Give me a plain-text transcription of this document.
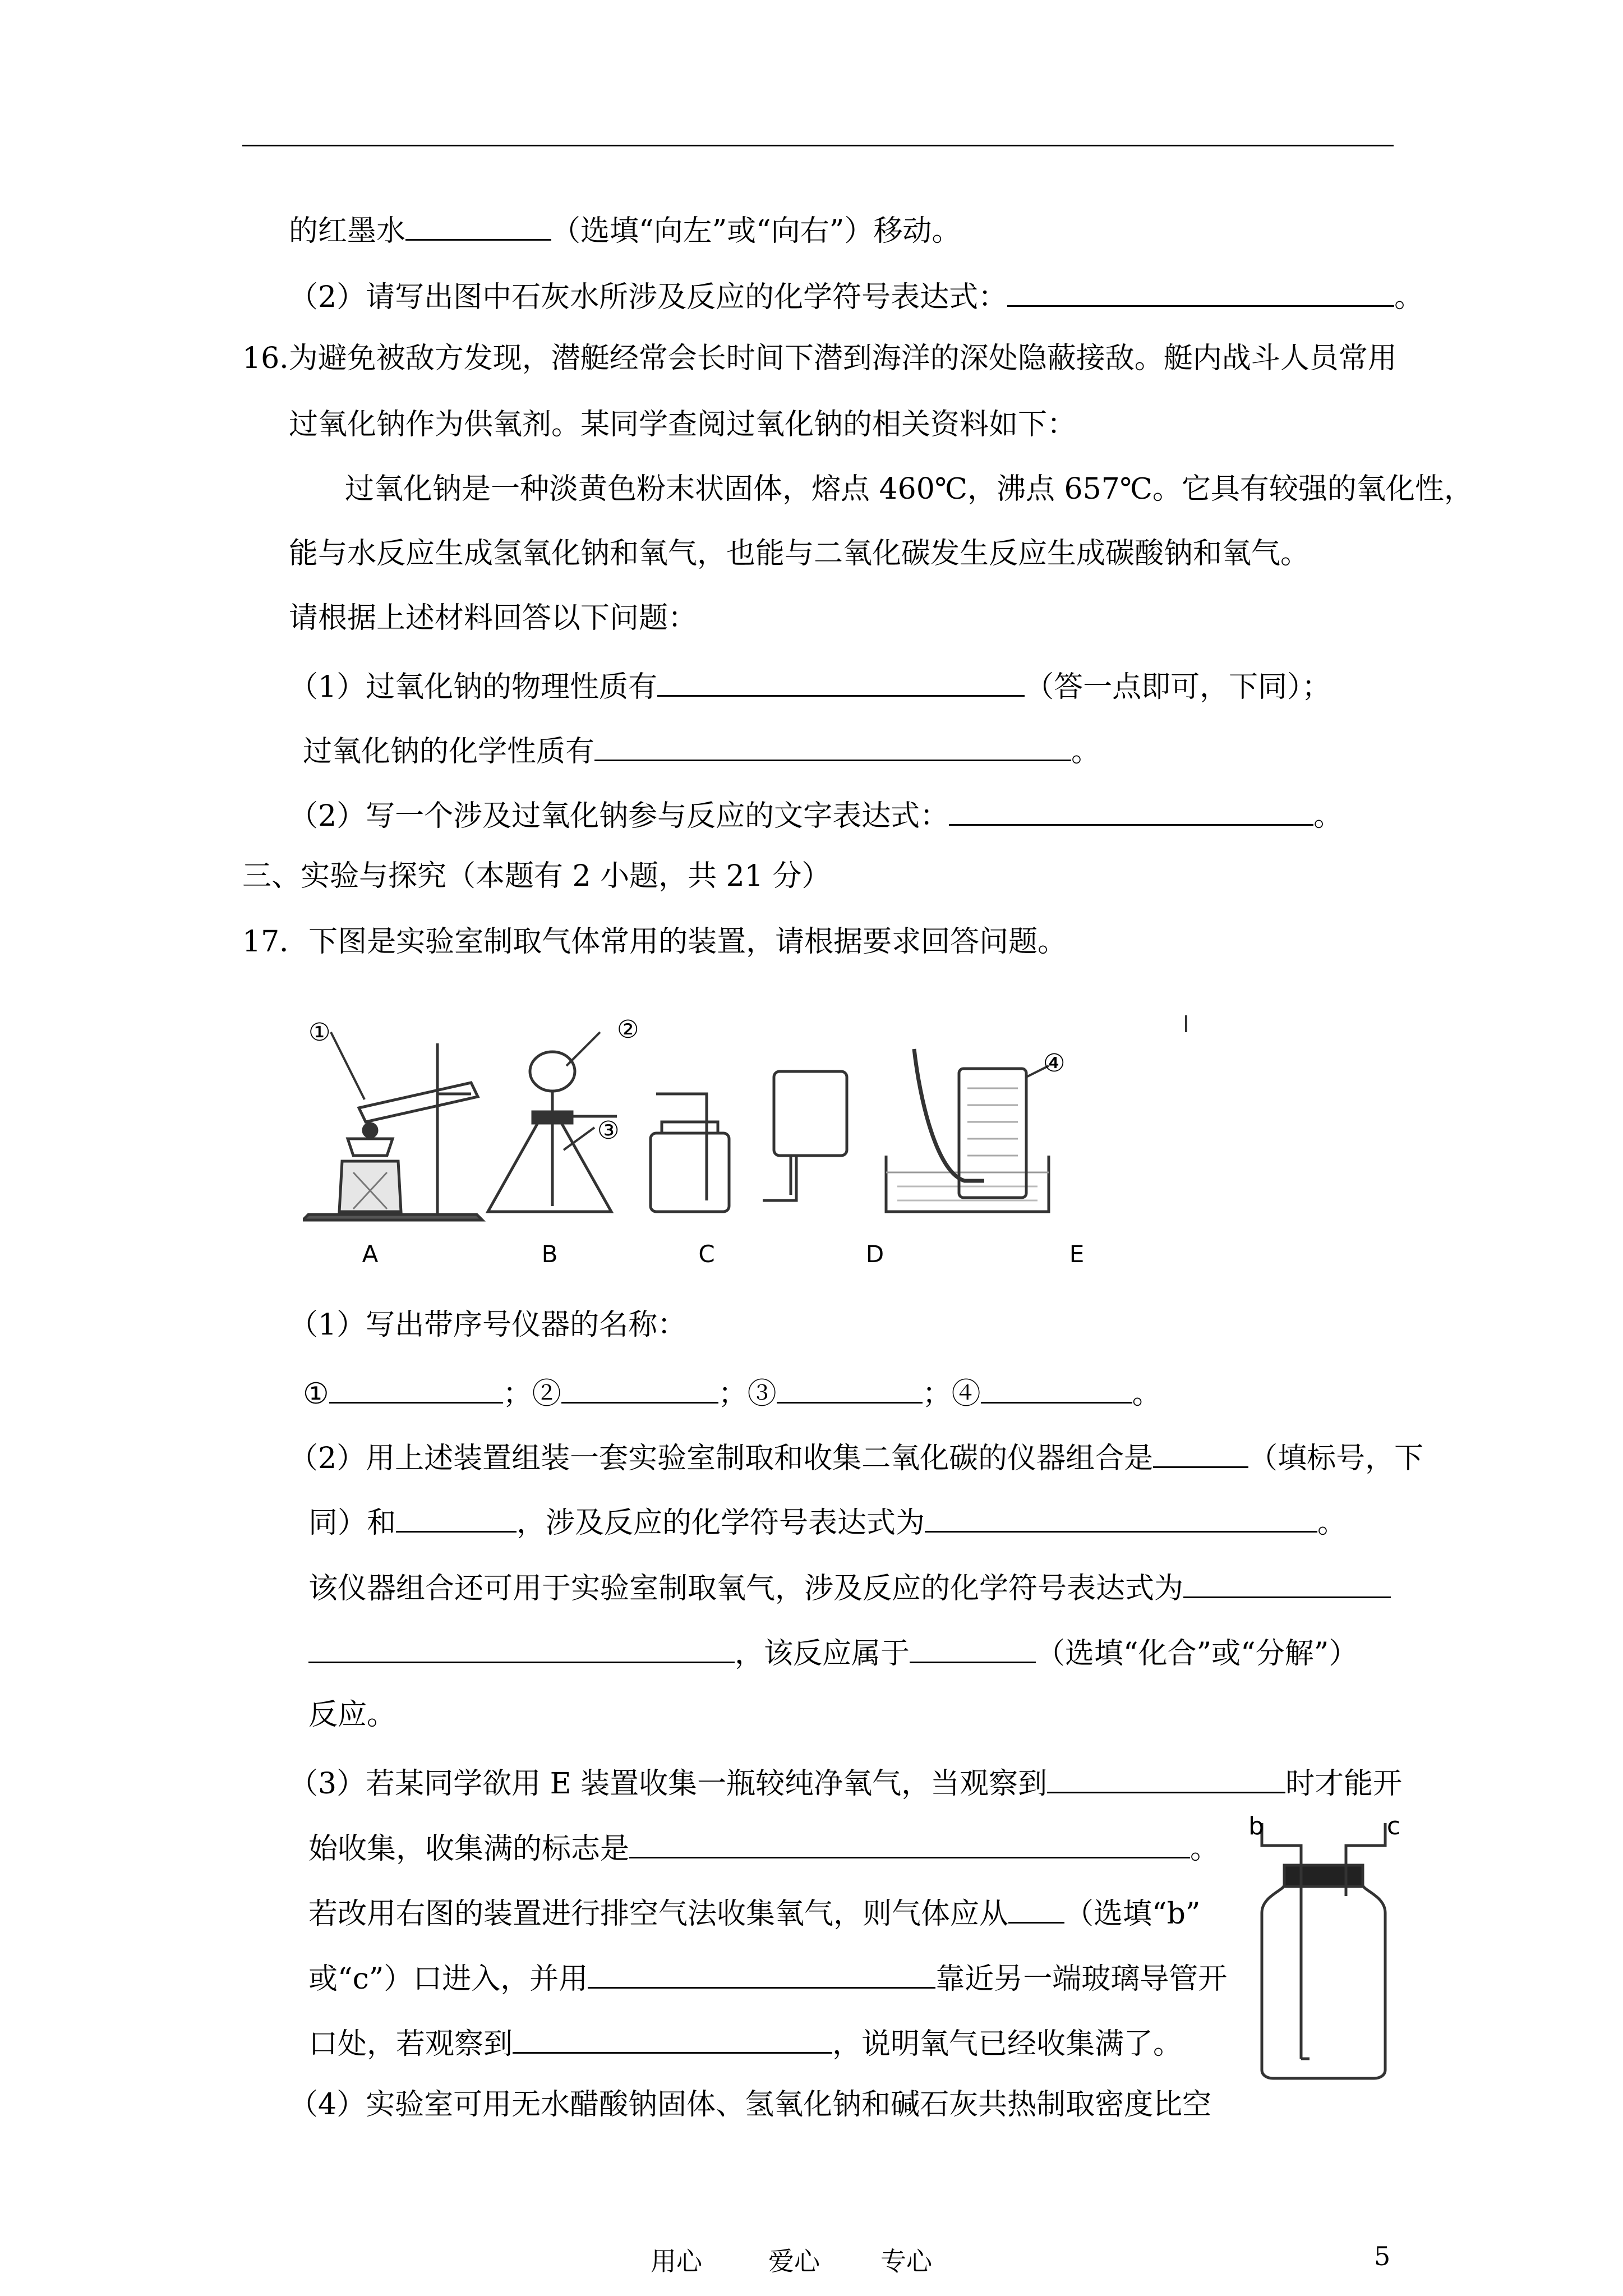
的红墨水	（选填“向左”或“向右”）移动。
（2）请写出图中石灰水所涉及反应的化学符号表达式：	。
16.为避免被敌方发现，潜艇经常会长时间下潜到海洋的深处隐蔽接敌。艇内战斗人员常用
过氧化钠作为供氧剂。某同学查阅过氧化钠的相关资料如下：
过氧化钠是一种淡黄色粉末状固体，熔点 460℃，沸点 657℃。它具有较强的氧化性，
能与水反应生成氢氧化钠和氧气，也能与二氧化碳发生反应生成碳酸钠和氧气。
请根据上述材料回答以下问题：
（1）过氧化钠的物理性质有	（答一点即可，下同）；
过氧化钠的化学性质有	。
（2）写一个涉及过氧化钠参与反应的文字表达式：	。
三、实验与探究（本题有 2 小题，共 21 分）
17．下图是实验室制取气体常用的装置，请根据要求回答问题。
①	②
③
④
A	B	C	D	E
（1）写出带序号仪器的名称：
①	；②	；③	；④	。
（2）用上述装置组装一套实验室制取和收集二氧化碳的仪器组合是	（填标号，下
同）和	，涉及反应的化学符号表达式为	。
该仪器组合还可用于实验室制取氧气，涉及反应的化学符号表达式为
，该反应属于	（选填“化合”或“分解”）
反应。
（3）若某同学欲用 E 装置收集一瓶较纯净氧气，当观察到	时才能开
始收集，收集满的标志是	。
若改用右图的装置进行排空气法收集氧气，则气体应从 （选填“b”
或“c”）口进入，并用	靠近另一端玻璃导管开
口处，若观察到	，说明氧气已经收集满了。
（4）实验室可用无水醋酸钠固体、氢氧化钠和碱石灰共热制取密度比空
b	c
用心	爱心 专心	5
